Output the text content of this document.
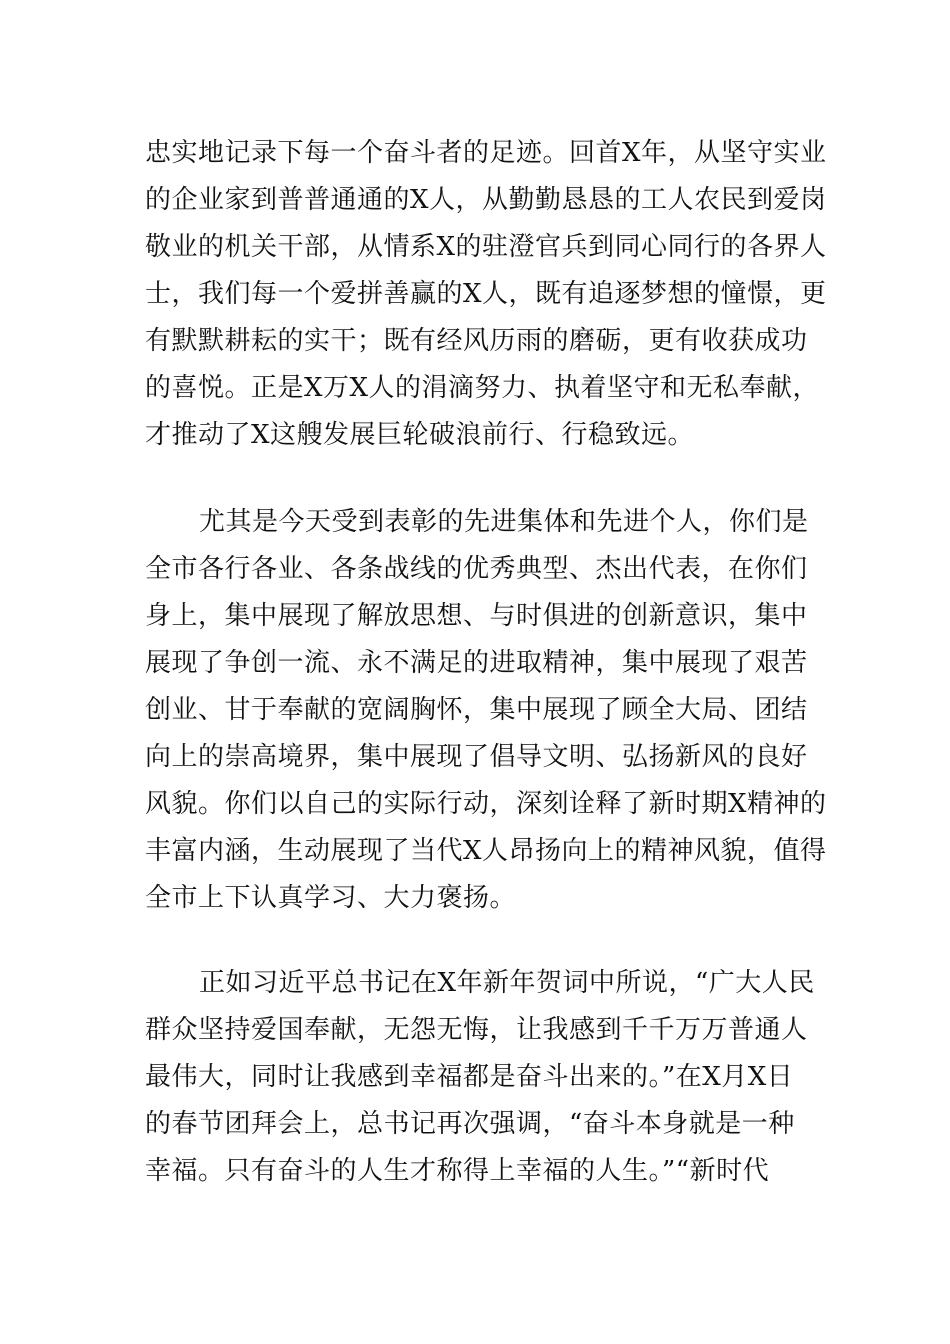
忠实地记录下每一个奋斗者的足迹。回首X年，从坚守实业
的企业家到普普通通的X人，从勤勤恳恳的工人农民到爱岗
敬业的机关干部，从情系X的驻澄官兵到同心同行的各界人
士，我们每一个爱拼善赢的X人，既有追逐梦想的憧憬，更
有默默耕耘的实干；既有经风历雨的磨砺，更有收获成功
的喜悦。正是X万X人的涓滴努力、执着坚守和无私奉献，
才推动了X这艘发展巨轮破浪前行、行稳致远。
尤其是今天受到表彰的先进集体和先进个人，你们是
全市各行各业、各条战线的优秀典型、杰出代表，在你们
身上，集中展现了解放思想、与时俱进的创新意识，集中
展现了争创一流、永不满足的进取精神，集中展现了艰苦
创业、甘于奉献的宽阔胸怀，集中展现了顾全大局、团结
向上的崇高境界，集中展现了倡导文明、弘扬新风的良好
风貌。你们以自己的实际行动，深刻诠释了新时期X精神的
丰富内涵，生动展现了当代X人昂扬向上的精神风貌，值得
全市上下认真学习、大力褒扬。
正如习近平总书记在X年新年贺词中所说，“广大人民
群众坚持爱国奉献，无怨无悔，让我感到千千万万普通人
最伟大，同时让我感到幸福都是奋斗出来的。”在X月X日
的春节团拜会上，总书记再次强调，“奋斗本身就是一种
幸福。只有奋斗的人生才称得上幸福的人生。”“新时代
